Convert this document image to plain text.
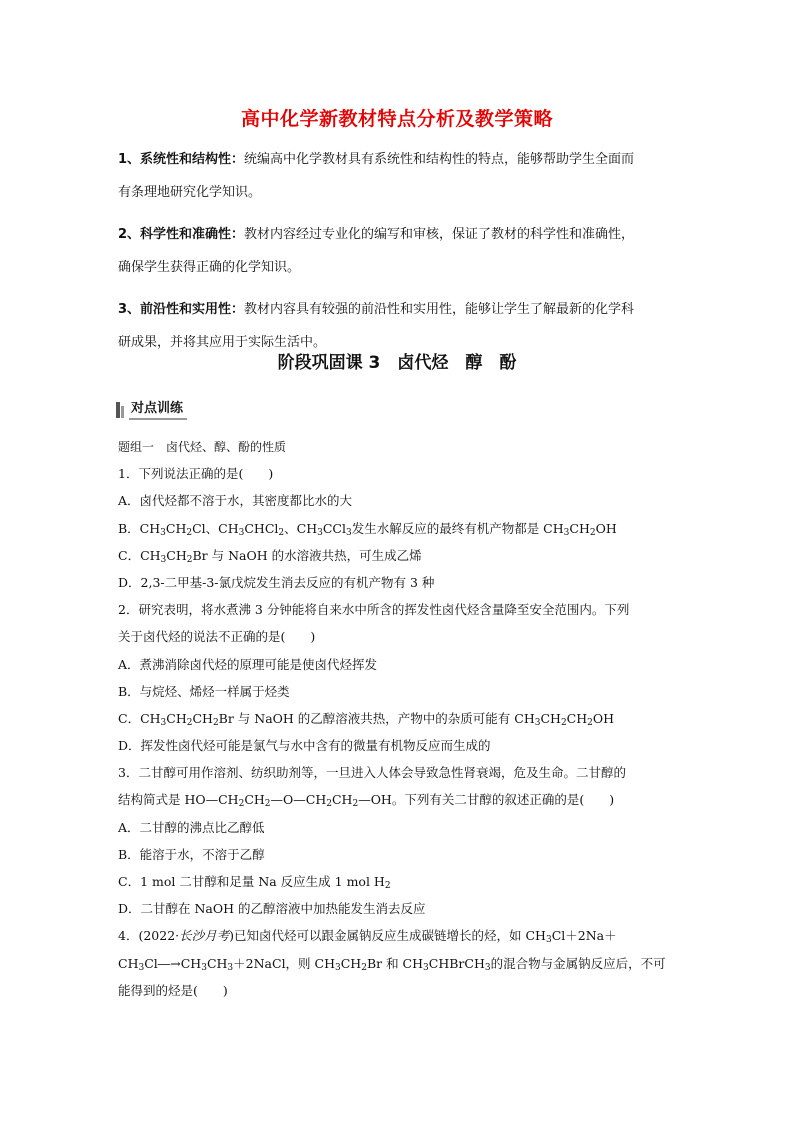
高中化学新教材特点分析及教学策略

1、系统性和结构性：统编高中化学教材具有系统性和结构性的特点，能够帮助学生全面而
有条理地研究化学知识。

2、科学性和准确性：教材内容经过专业化的编写和审核，保证了教材的科学性和准确性，
确保学生获得正确的化学知识。

3、前沿性和实用性：教材内容具有较强的前沿性和实用性，能够让学生了解最新的化学科
研成果，并将其应用于实际生活中。

阶段巩固课 3　卤代烃　醇　酚
对点训练
题组一　卤代烃、醇、酚的性质
1．下列说法正确的是(　　)
A．卤代烃都不溶于水，其密度都比水的大
B．$CH_3CH_2Cl$、$CH_3CHCl_2$、$CH_3CCl_3$发生水解反应的最终有机产物都是 $CH_3CH_2OH$
C．$CH_3CH_2Br$ 与 NaOH 的水溶液共热，可生成乙烯
D．2,3-二甲基-3-氯戊烷发生消去反应的有机产物有 3 种
2．研究表明，将水煮沸 3 分钟能将自来水中所含的挥发性卤代烃含量降至安全范围内。下列
关于卤代烃的说法不正确的是(　　)
A．煮沸消除卤代烃的原理可能是使卤代烃挥发
B．与烷烃、烯烃一样属于烃类
C．$CH_3CH_2CH_2Br$ 与 NaOH 的乙醇溶液共热，产物中的杂质可能有 $CH_3CH_2CH_2OH$
D．挥发性卤代烃可能是氯气与水中含有的微量有机物反应而生成的
3．二甘醇可用作溶剂、纺织助剂等，一旦进入人体会导致急性肾衰竭，危及生命。二甘醇的
结构简式是 $HO—CH_2CH_2—O—CH_2CH_2—OH$。下列有关二甘醇的叙述正确的是(　　)
A．二甘醇的沸点比乙醇低
B．能溶于水，不溶于乙醇
C．1 mol 二甘醇和足量 Na 反应生成 1 mol $H_2$
D．二甘醇在 NaOH 的乙醇溶液中加热能发生消去反应
4．(2022·长沙月考)已知卤代烃可以跟金属钠反应生成碳链增长的烃，如 $CH_3Cl+2Na+$
$CH_3Cl―\to CH_3CH_3+2NaCl$，则 $CH_3CH_2Br$ 和 $CH_3CHBrCH_3$的混合物与金属钠反应后，不可
能得到的烃是(　　)
